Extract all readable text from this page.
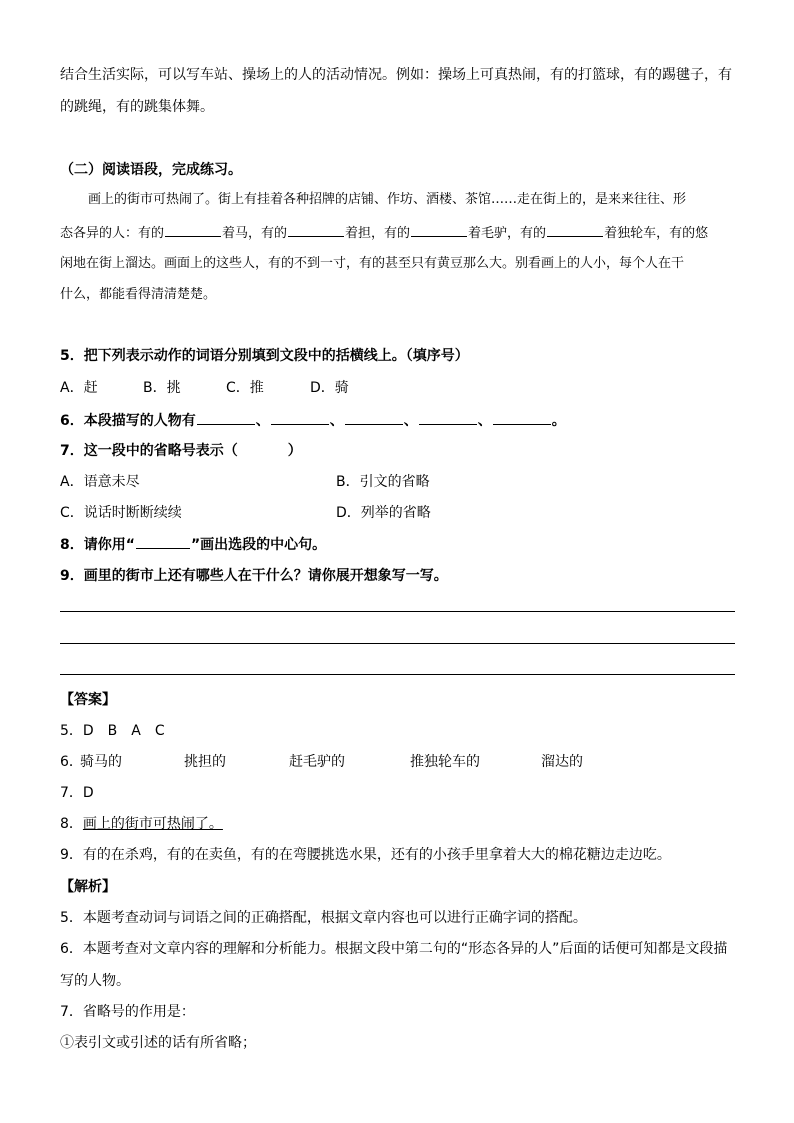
结合生活实际，可以写车站、操场上的人的活动情况。例如：操场上可真热闹，有的打篮球，有的踢毽子，有
的跳绳，有的跳集体舞。
（二）阅读语段，完成练习。
画上的街市可热闹了。街上有挂着各种招牌的店铺、作坊、酒楼、茶馆……走在街上的，是来来往往、形
态各异的人：有的	着马，有的	着担，有的	着毛驴，有的	着独轮车，有的悠
闲地在街上溜达。画面上的这些人，有的不到一寸，有的甚至只有黄豆那么大。别看画上的人小，每个人在干
什么，都能看得清清楚楚。
5．把下列表示动作的词语分别填到文段中的括横线上。（填序号）
A．赶	B．挑	C．推	D．骑
6．本段描写的人物有	、	、	、	、	。
7．这一段中的省略号表示（	）
A．语意未尽	B．引文的省略
C．说话时断断续续	D．列举的省略
8．请你用“	”画出选段的中心句。
9．画里的街市上还有哪些人在干什么？请你展开想象写一写。
【答案】
5．D　B　A　C
6．
骑马的	挑担的	赶毛驴的	推独轮车的	溜达的
7．D
8．画上的街市可热闹了。
9．有的在杀鸡，有的在卖鱼，有的在弯腰挑选水果，还有的小孩手里拿着大大的棉花糖边走边吃。
【解析】
5．本题考查动词与词语之间的正确搭配，根据文章内容也可以进行正确字词的搭配。
6．本题考查对文章内容的理解和分析能力。根据文段中第二句的“形态各异的人”后面的话便可知都是文段描
写的人物。
7．省略号的作用是：
①表引文或引述的话有所省略；
